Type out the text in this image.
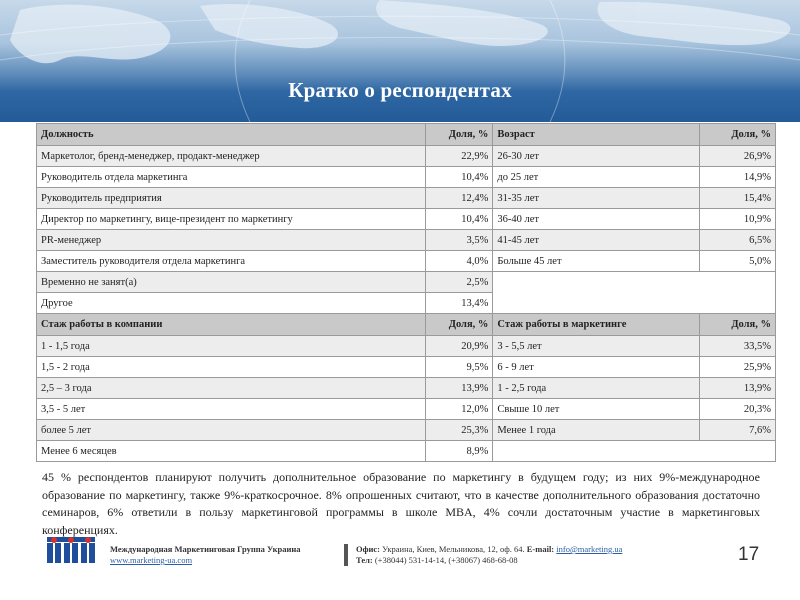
Кратко о респондентах
Должность	Доля, %	Возраст	Доля, %
Маркетолог, бренд-менеджер, продакт-менеджер	22,9%	26-30 лет	26,9%
Руководитель отдела маркетинга	10,4%	до 25 лет	14,9%
Руководитель предприятия	12,4%	31-35 лет	15,4%
Директор по маркетингу, вице-президент по маркетингу	10,4%	36-40 лет	10,9%
PR-менеджер	3,5%	41-45 лет	6,5%
Заместитель руководителя отдела маркетинга	4,0%	Больше 45 лет	5,0%
Временно не занят(а)	2,5%		
Другое	13,4%		
Стаж работы в компании	Доля, %	Стаж работы в маркетинге	Доля, %
1 - 1,5 года	20,9%	3 - 5,5 лет	33,5%
1,5 - 2 года	9,5%	6 - 9 лет	25,9%
2,5 – 3 года	13,9%	1 - 2,5 года	13,9%
3,5 - 5 лет	12,0%	Свыше 10 лет	20,3%
более 5 лет	25,3%	Менее 1 года	7,6%
Менее 6 месяцев	8,9%		

45 % респондентов планируют получить дополнительное образование по маркетингу в будущем году; из них 9%-международное образование по маркетингу, также 9%-краткосрочное. 8% опрошенных считают, что в качестве дополнительного образования достаточно семинаров, 6% ответили в пользу маркетинговой программы в школе MBA, 4% сочли достаточным участие в маркетинговых конференциях.

Международная Маркетинговая Группа Украина
www.marketing-ua.com
Офис: Украина, Киев, Мельникова, 12, оф. 64. E-mail: info@marketing.ua
Тел: (+38044) 531-14-14, (+38067) 468-68-08	17
